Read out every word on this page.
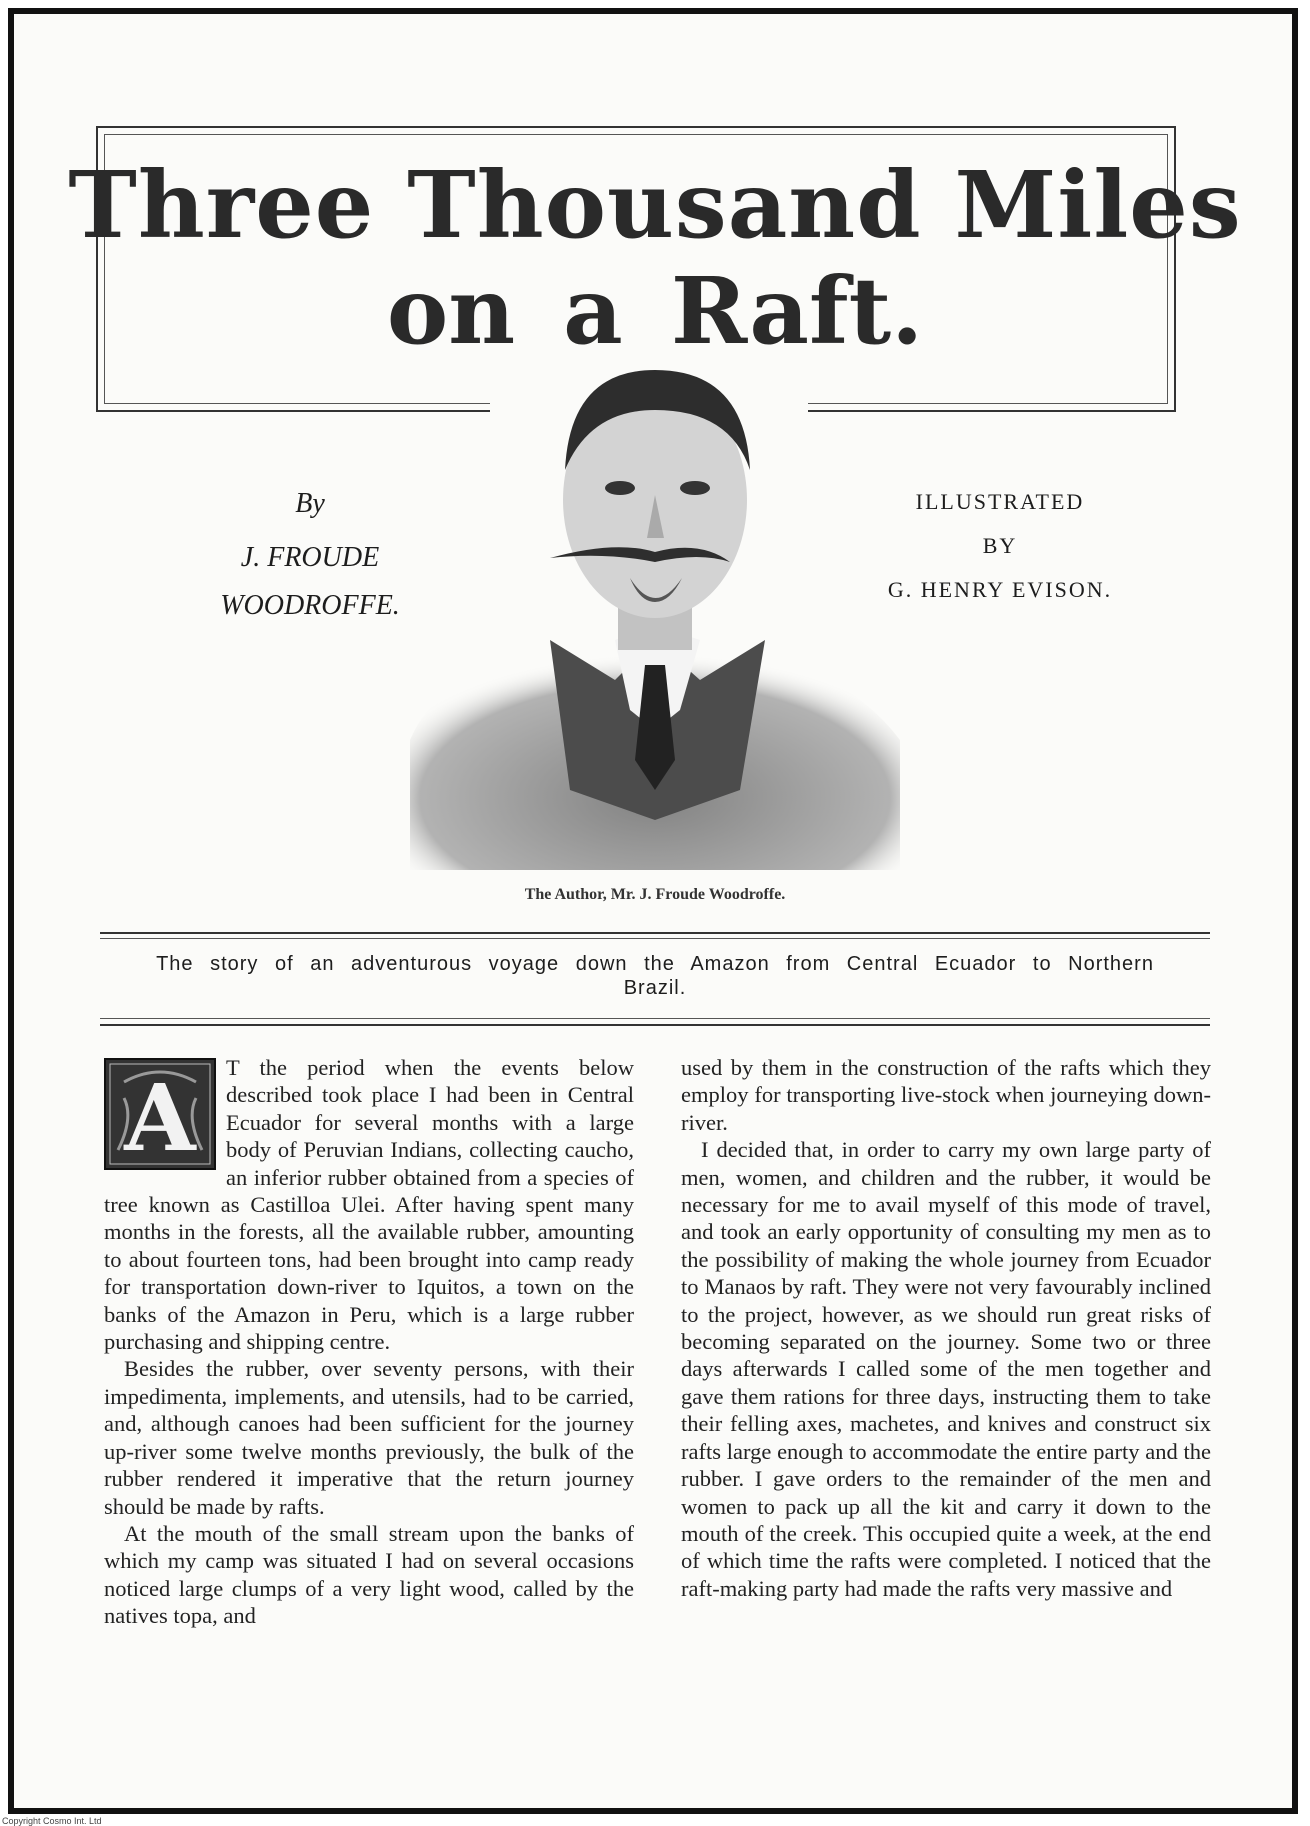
Three Thousand Miles
on a Raft.
By
J. FROUDE
WOODROFFE.
ILLUSTRATED
BY
G. HENRY EVISON.
The Author, Mr. J. Froude Woodroffe.
The story of an adventurous voyage down the Amazon from Central Ecuador to Northern Brazil.
A	T the period when the events below described took place I had been in Central Ecuador for several months with a large body of Peruvian Indians, collecting caucho, an inferior rubber obtained from a species of tree known as Castilloa Ulei. After having spent many months in the forests, all the available rubber, amounting to about fourteen tons, had been brought into camp ready for transportation down-river to Iquitos, a town on the banks of the Amazon in Peru, which is a large rubber purchasing and shipping centre.

Besides the rubber, over seventy persons, with their impedimenta, implements, and utensils, had to be carried, and, although canoes had been sufficient for the journey up-river some twelve months previously, the bulk of the rubber rendered it imperative that the return journey should be made by rafts.

At the mouth of the small stream upon the banks of which my camp was situated I had on several occasions noticed large clumps of a very light wood, called by the natives topa, and

used by them in the construction of the rafts which they employ for transporting live-stock when journeying down-river.

I decided that, in order to carry my own large party of men, women, and children and the rubber, it would be necessary for me to avail myself of this mode of travel, and took an early opportunity of consulting my men as to the possibility of making the whole journey from Ecuador to Manaos by raft. They were not very favourably inclined to the project, however, as we should run great risks of becoming separated on the journey. Some two or three days afterwards I called some of the men together and gave them rations for three days, instructing them to take their felling axes, machetes, and knives and construct six rafts large enough to accommodate the entire party and the rubber. I gave orders to the remainder of the men and women to pack up all the kit and carry it down to the mouth of the creek. This occupied quite a week, at the end of which time the rafts were completed. I noticed that the raft-making party had made the rafts very massive and

Copyright Cosmo Int. Ltd
